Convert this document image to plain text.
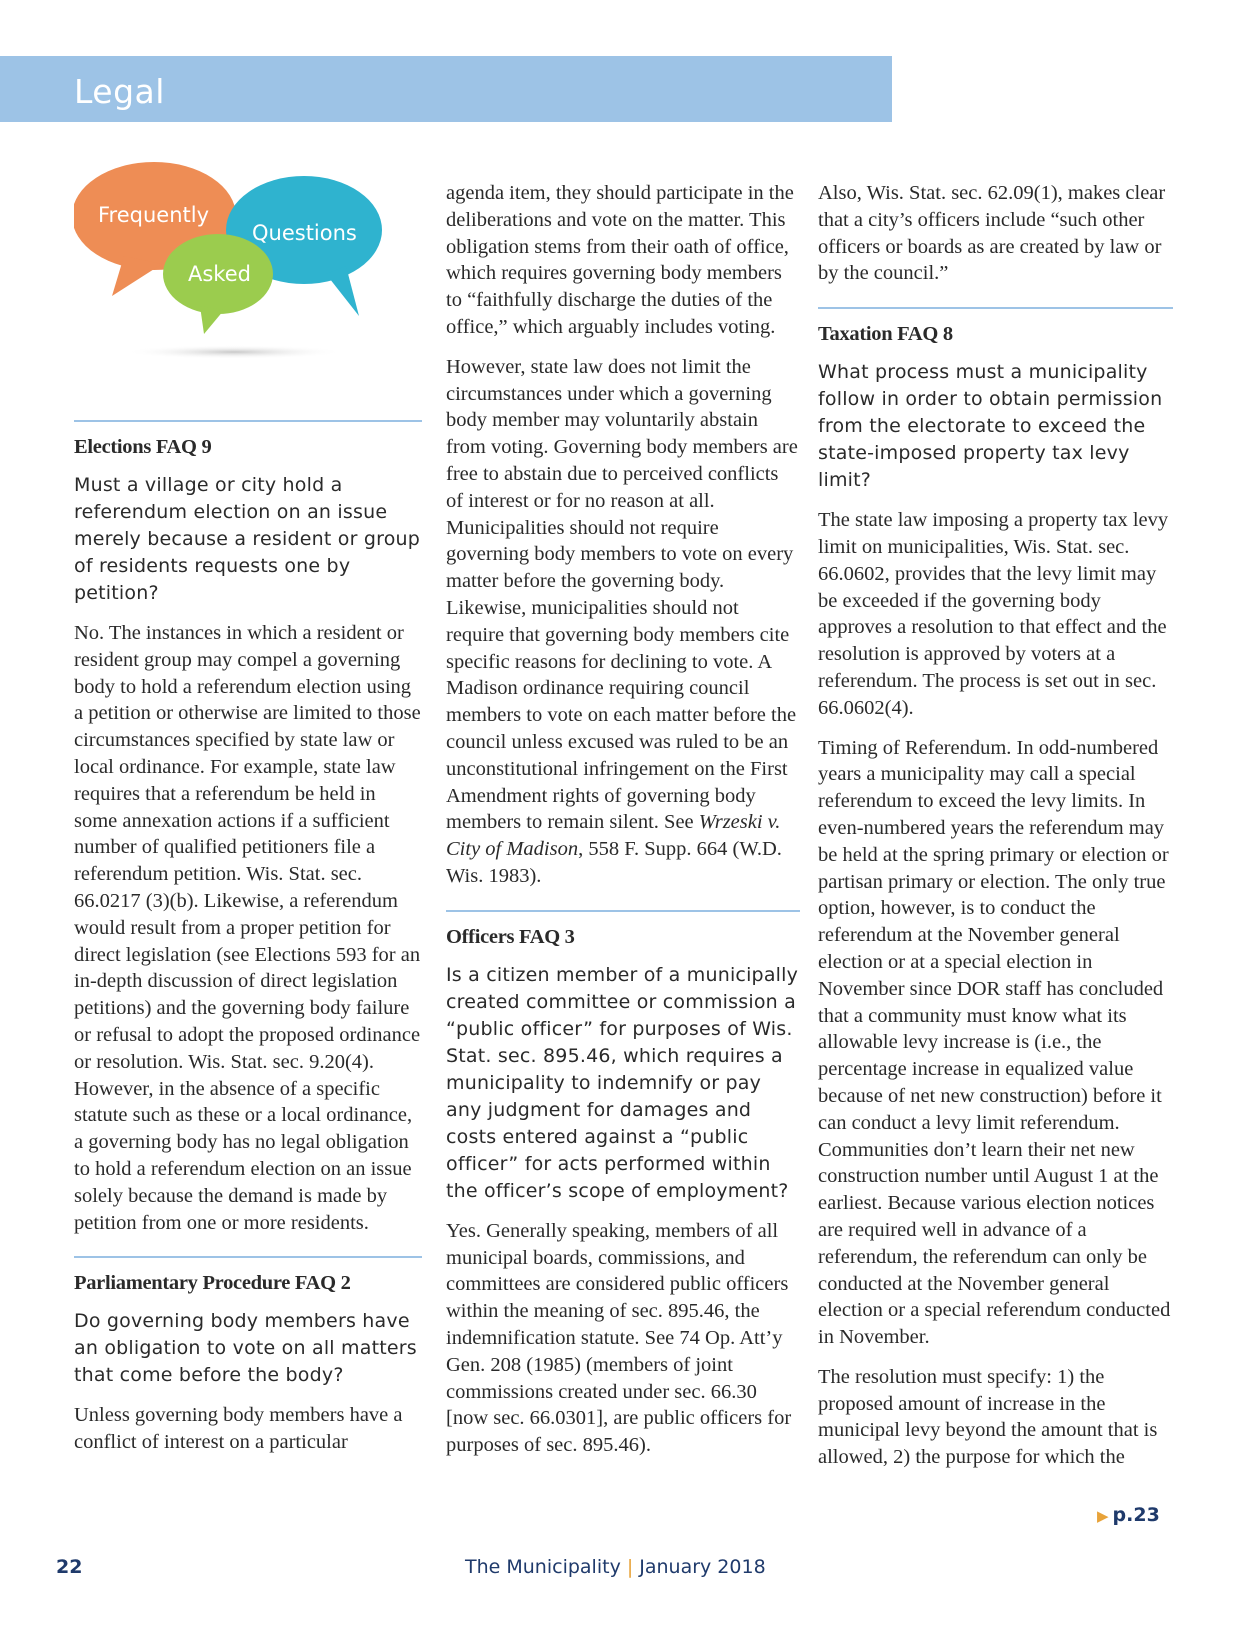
Legal
Frequently
Questions
Asked
Elections FAQ 9
Must a village or city hold a referendum election on an issue merely because a resident or group of residents requests one by petition?

No. The instances in which a resident or resident group may compel a governing body to hold a referendum election using a petition or otherwise are limited to those circumstances specified by state law or local ordinance. For example, state law requires that a referendum be held in some annexation actions if a sufficient number of qualified petitioners file a referendum petition. Wis. Stat. sec. 66.0217 (3)(b). Likewise, a referendum would result from a proper petition for direct legislation (see Elections 593 for an in-depth discussion of direct legislation petitions) and the governing body failure or refusal to adopt the proposed ordinance or resolution. Wis. Stat. sec. 9.20(4). However, in the absence of a specific statute such as these or a local ordinance, a governing body has no legal obligation to hold a referendum election on an issue solely because the demand is made by petition from one or more residents.

Parliamentary Procedure FAQ 2
Do governing body members have an obligation to vote on all matters that come before the body?

Unless governing body members have a conflict of interest on a particular

agenda item, they should participate in the deliberations and vote on the matter. This obligation stems from their oath of office, which requires governing body members to “faithfully discharge the duties of the office,” which arguably includes voting.

However, state law does not limit the circumstances under which a governing body member may voluntarily abstain from voting. Governing body members are free to abstain due to perceived conflicts of interest or for no reason at all. Municipalities should not require governing body members to vote on every matter before the governing body. Likewise, municipalities should not require that governing body members cite specific reasons for declining to vote. A Madison ordinance requiring council members to vote on each matter before the council unless excused was ruled to be an unconstitutional infringement on the First Amendment rights of governing body members to remain silent. See Wrzeski v. City of Madison, 558 F. Supp. 664 (W.D. Wis. 1983).

Officers FAQ 3
Is a citizen member of a municipally created committee or commission a “public officer” for purposes of Wis. Stat. sec. 895.46, which requires a municipality to indemnify or pay any judgment for damages and costs entered against a “public officer” for acts performed within the officer’s scope of employment?

Yes. Generally speaking, members of all municipal boards, commissions, and committees are considered public officers within the meaning of sec. 895.46, the indemnification statute. See 74 Op. Att’y Gen. 208 (1985) (members of joint commissions created under sec. 66.30 [now sec. 66.0301], are public officers for purposes of sec. 895.46).

Also, Wis. Stat. sec. 62.09(1), makes clear that a city’s officers include “such other officers or boards as are created by law or by the council.”

Taxation FAQ 8
What process must a municipality follow in order to obtain permission from the electorate to exceed the state-imposed property tax levy limit?

The state law imposing a property tax levy limit on municipalities, Wis. Stat. sec. 66.0602, provides that the levy limit may be exceeded if the governing body approves a resolution to that effect and the resolution is approved by voters at a referendum. The process is set out in sec. 66.0602(4).

Timing of Referendum. In odd-numbered years a municipality may call a special referendum to exceed the levy limits. In even-numbered years the referendum may be held at the spring primary or election or partisan primary or election. The only true option, however, is to conduct the referendum at the November general election or at a special election in November since DOR staff has concluded that a community must know what its allowable levy increase is (i.e., the percentage increase in equalized value because of net new construction) before it can conduct a levy limit referendum. Communities don’t learn their net new construction number until August 1 at the earliest. Because various election notices are required well in advance of a referendum, the referendum can only be conducted at the November general election or a special referendum conducted in November.

The resolution must specify: 1) the proposed amount of increase in the municipal levy beyond the amount that is allowed, 2) the purpose for which the

▶ p.23
22	The Municipality | January 2018
